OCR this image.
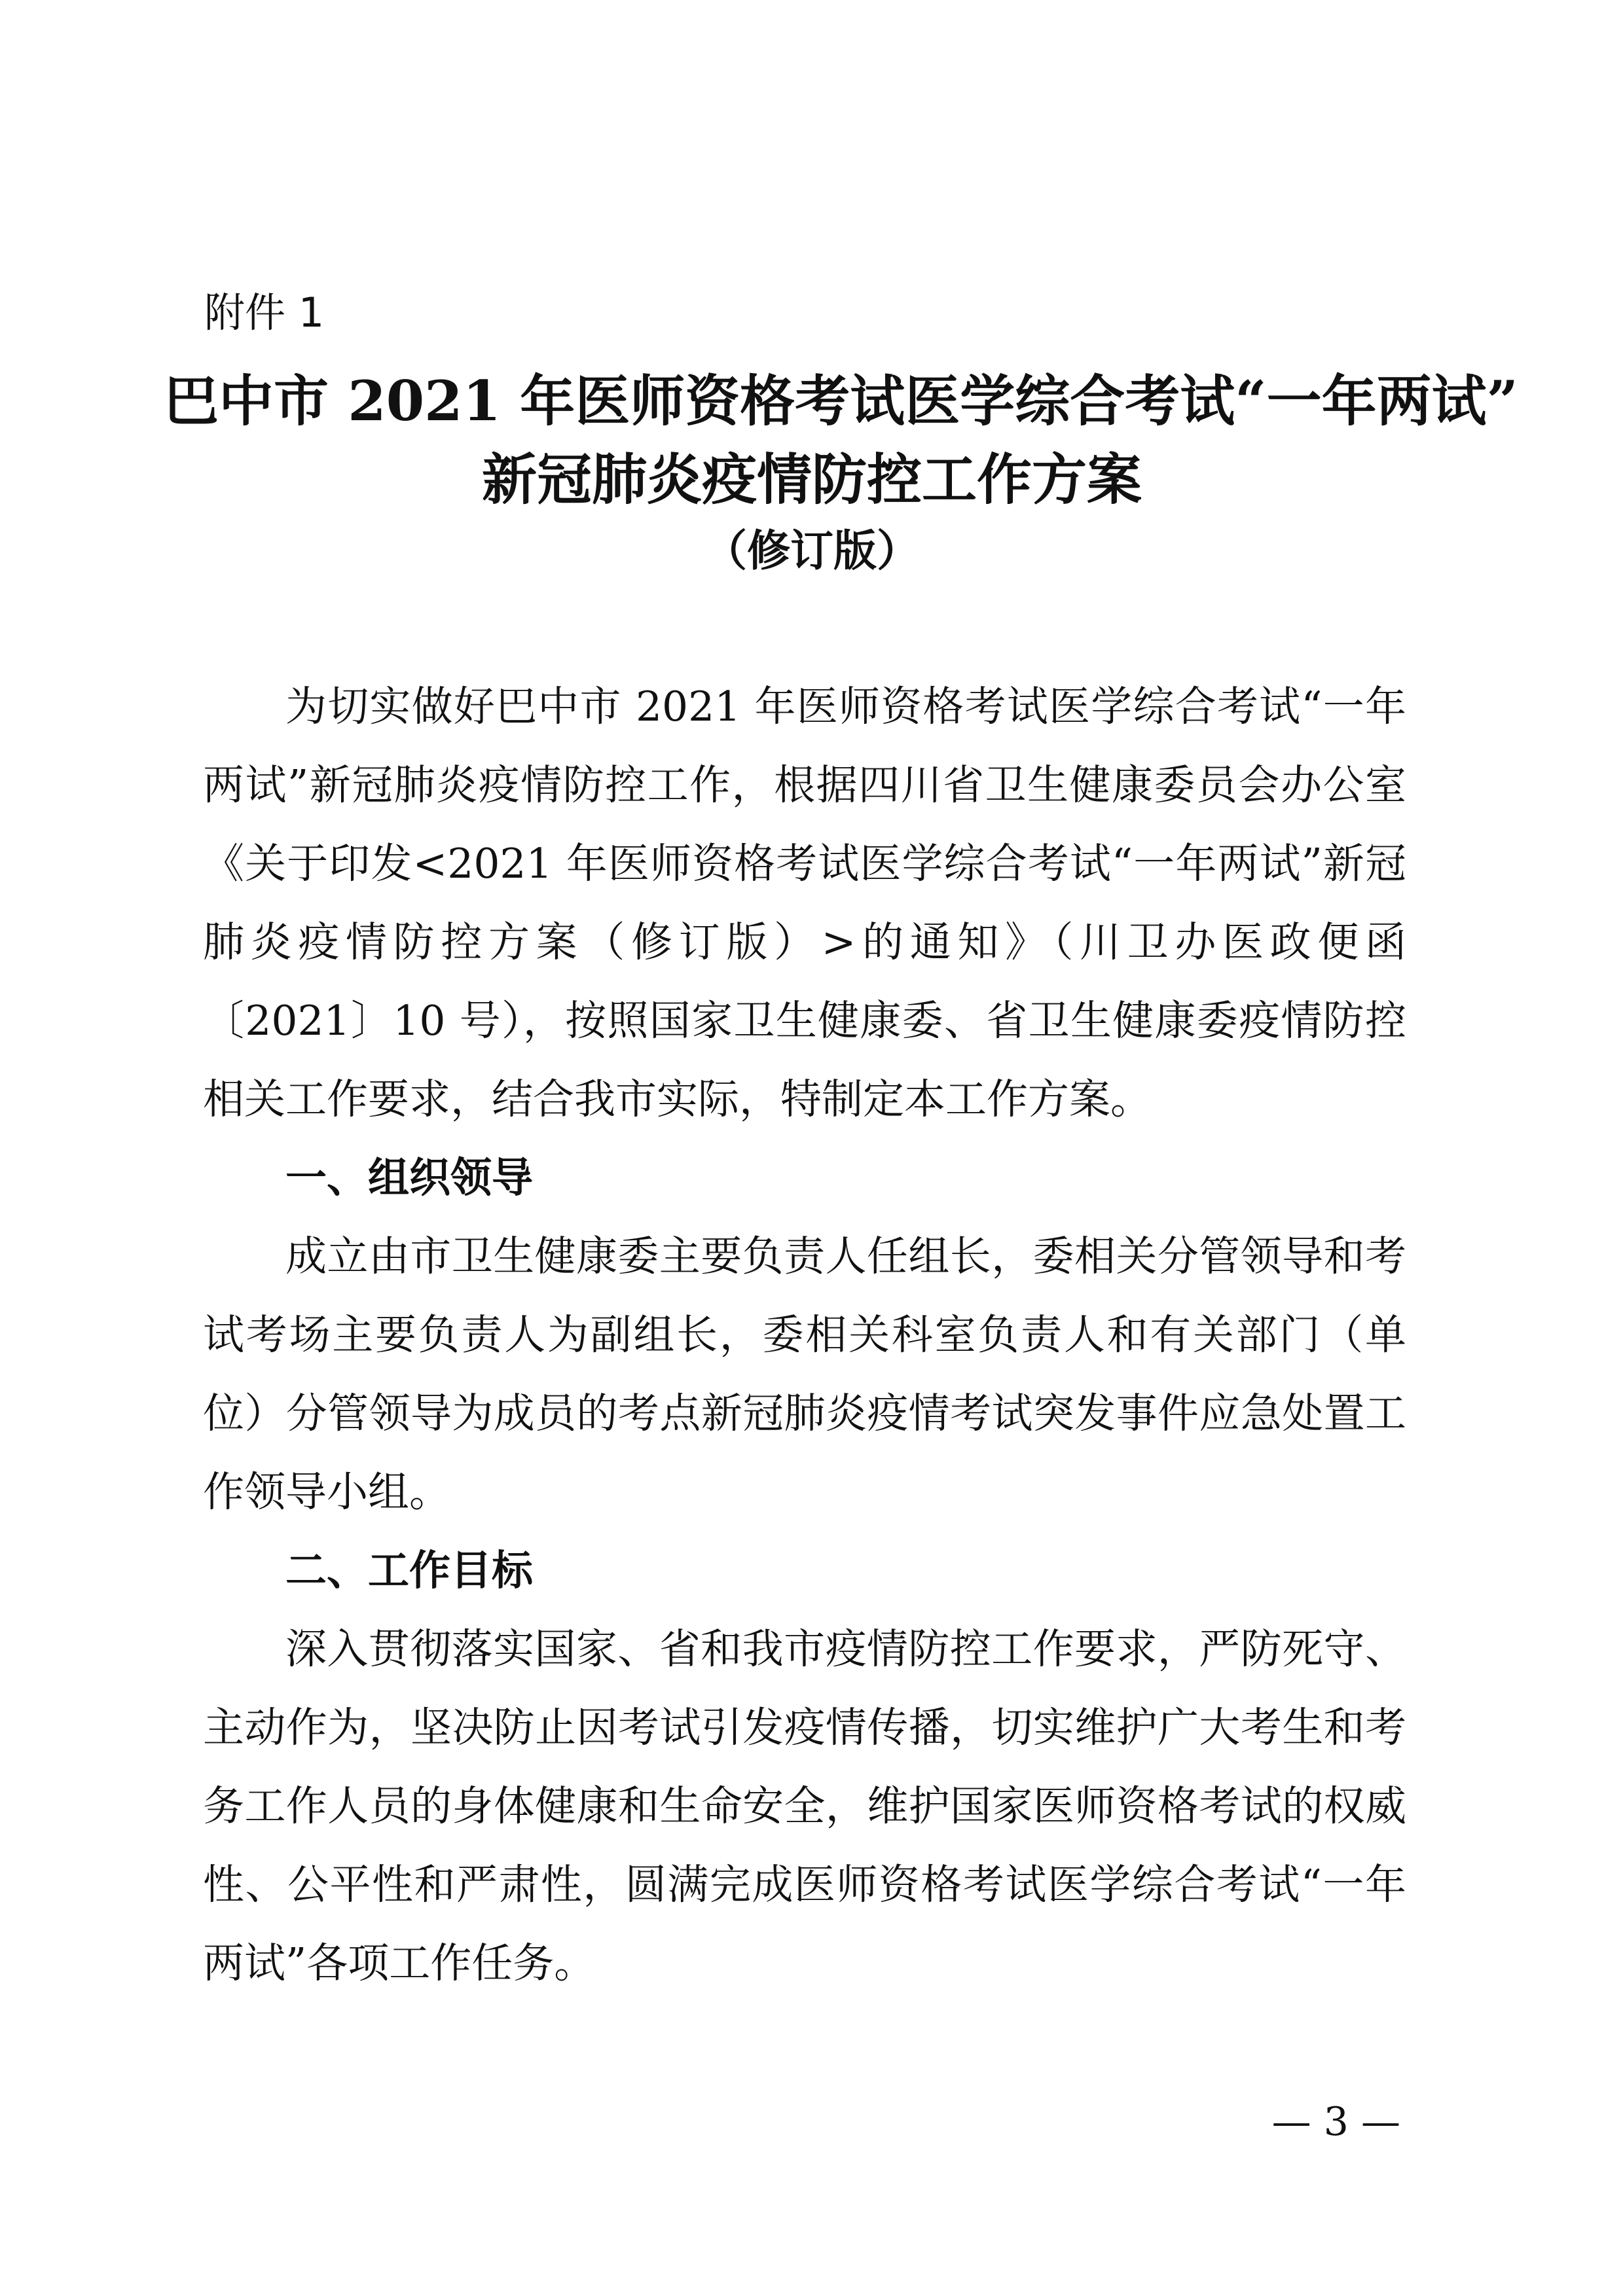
附件 1

巴中市 2021 年医师资格考试医学综合考试“一年两试”
新冠肺炎疫情防控工作方案

（修订版）

为切实做好巴中市 2021 年医师资格考试医学综合考试“一年两试”新冠肺炎疫情防控工作，根据四川省卫生健康委员会办公室《关于印发<2021 年医师资格考试医学综合考试“一年两试”新冠肺炎疫情防控方案（修订版）>的通知》（川卫办医政便函〔2021〕10 号），按照国家卫生健康委、省卫生健康委疫情防控相关工作要求，结合我市实际，特制定本工作方案。

一、组织领导

成立由市卫生健康委主要负责人任组长，委相关分管领导和考试考场主要负责人为副组长，委相关科室负责人和有关部门（单位）分管领导为成员的考点新冠肺炎疫情考试突发事件应急处置工作领导小组。

二、工作目标

深入贯彻落实国家、省和我市疫情防控工作要求，严防死守、主动作为，坚决防止因考试引发疫情传播，切实维护广大考生和考务工作人员的身体健康和生命安全，维护国家医师资格考试的权威性、公平性和严肃性，圆满完成医师资格考试医学综合考试“一年两试”各项工作任务。

— 3 —
